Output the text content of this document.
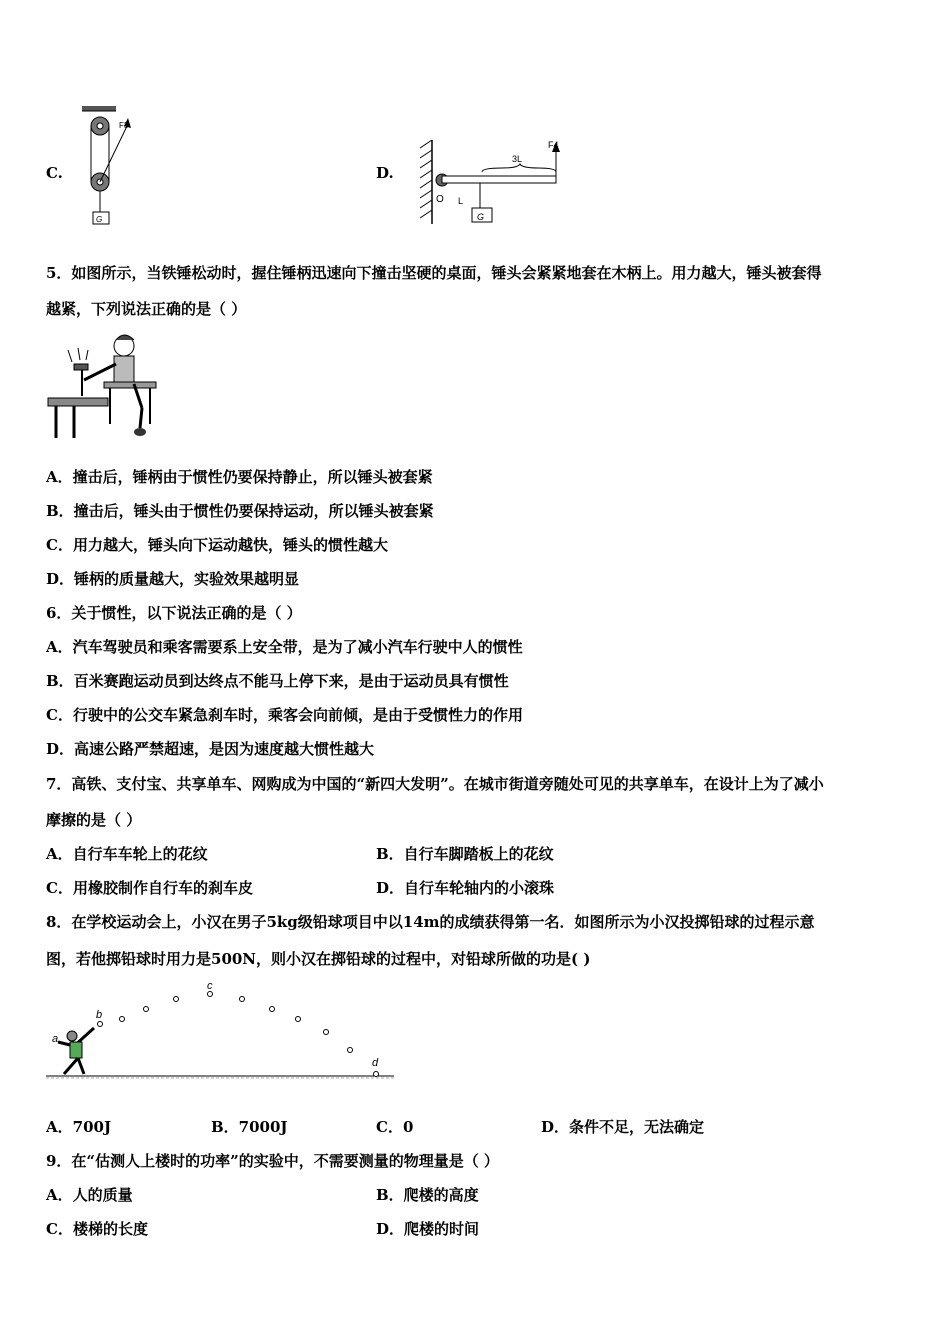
C.
F3
G
D.
F4
O L
3L
G
5．如图所示，当铁锤松动时，握住锤柄迅速向下撞击坚硬的桌面，锤头会紧紧地套在木柄上。用力越大，锤头被套得
越紧，下列说法正确的是（ ）
A．撞击后，锤柄由于惯性仍要保持静止，所以锤头被套紧
B．撞击后，锤头由于惯性仍要保持运动，所以锤头被套紧
C．用力越大，锤头向下运动越快，锤头的惯性越大
D．锤柄的质量越大，实验效果越明显
6．关于惯性，以下说法正确的是（ ）
A．汽车驾驶员和乘客需要系上安全带，是为了减小汽车行驶中人的惯性
B．百米赛跑运动员到达终点不能马上停下来，是由于运动员具有惯性
C．行驶中的公交车紧急刹车时，乘客会向前倾，是由于受惯性力的作用
D．高速公路严禁超速，是因为速度越大惯性越大
7．高铁、支付宝、共享单车、网购成为中国的“新四大发明”。在城市街道旁随处可见的共享单车，在设计上为了减小
摩擦的是（ ）
A．自行车车轮上的花纹	B．自行车脚踏板上的花纹
C．用橡胶制作自行车的刹车皮	D．自行车轮轴内的小滚珠
8．在学校运动会上，小汉在男子5kg级铅球项目中以14m的成绩获得第一名．如图所示为小汉投掷铅球的过程示意
图，若他掷铅球时用力是500N，则小汉在掷铅球的过程中，对铅球所做的功是( )
a
b
c
d
A．700J	B．7000J	C．0	D．条件不足，无法确定
9．在“估测人上楼时的功率”的实验中，不需要测量的物理量是（ ）
A．人的质量	B．爬楼的高度
C．楼梯的长度	D．爬楼的时间
